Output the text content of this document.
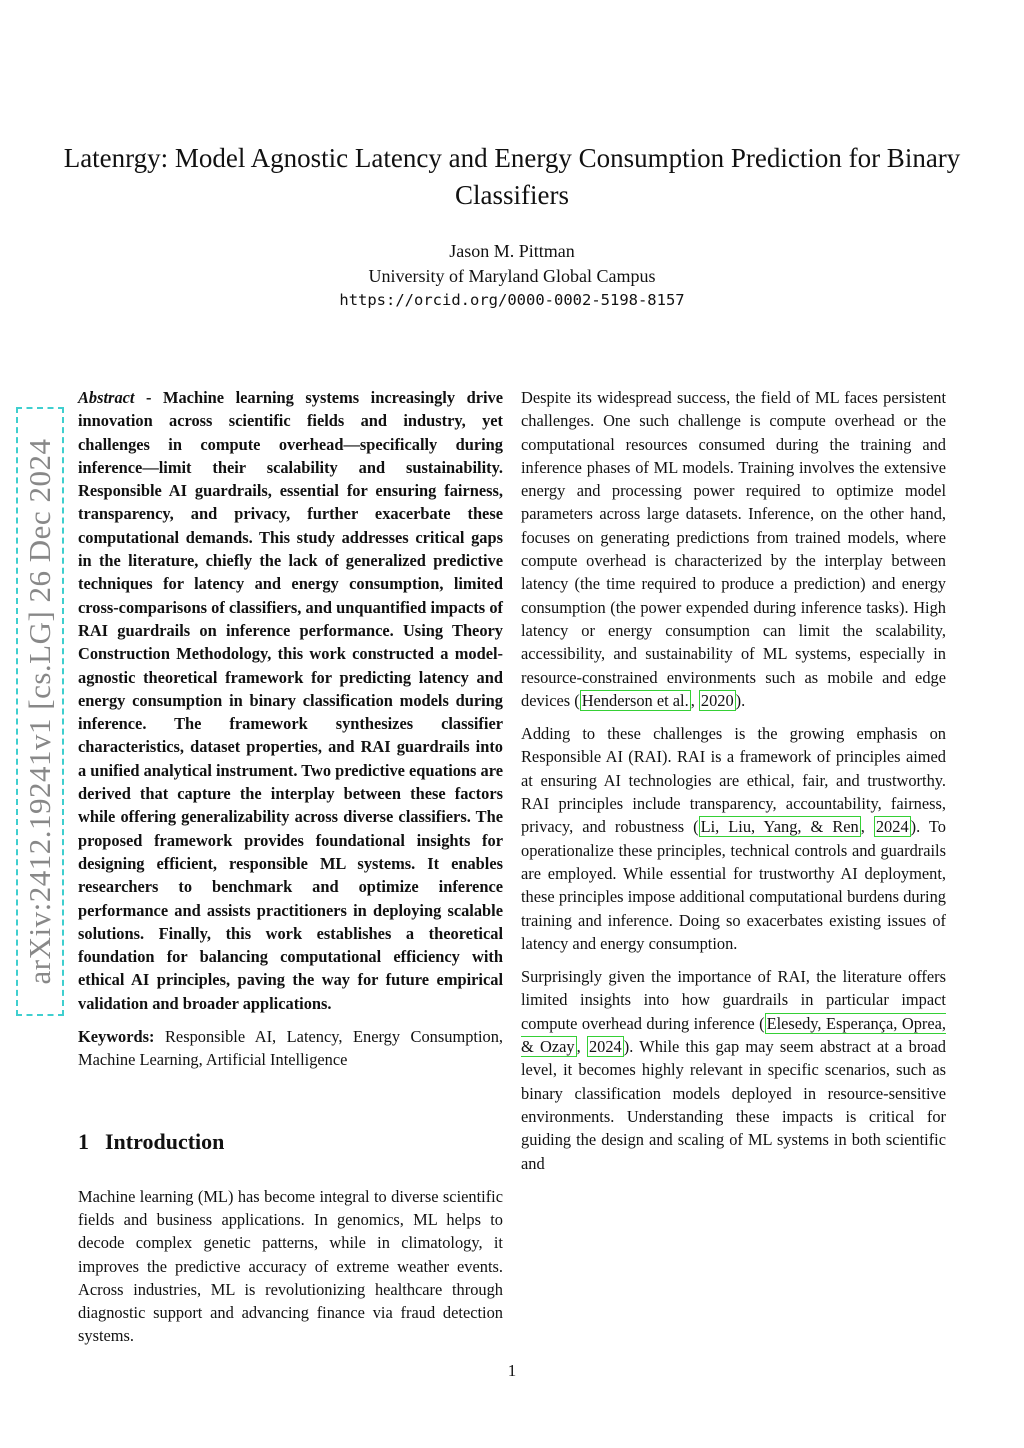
Latenrgy: Model Agnostic Latency and Energy Consumption Prediction for Binary Classifiers
Jason M. Pittman
University of Maryland Global Campus
https://orcid.org/0000-0002-5198-8157
arXiv:2412.19241v1 [cs.LG] 26 Dec 2024

Abstract - Machine learning systems increasingly drive innovation across scientific fields and industry, yet challenges in compute overhead—specifically during inference—limit their scalability and sustainability. Responsible AI guardrails, essential for ensuring fairness, transparency, and privacy, further exacerbate these computational demands. This study addresses critical gaps in the literature, chiefly the lack of generalized predictive techniques for latency and energy consumption, limited cross-comparisons of classifiers, and unquantified impacts of RAI guardrails on inference performance. Using Theory Construction Methodology, this work constructed a model-agnostic theoretical framework for predicting latency and energy consumption in binary classification models during inference. The framework synthesizes classifier characteristics, dataset properties, and RAI guardrails into a unified analytical instrument. Two predictive equations are derived that capture the interplay between these factors while offering generalizability across diverse classifiers. The proposed framework provides foundational insights for designing efficient, responsible ML systems. It enables researchers to benchmark and optimize inference performance and assists practitioners in deploying scalable solutions. Finally, this work establishes a theoretical foundation for balancing computational efficiency with ethical AI principles, paving the way for future empirical validation and broader applications.

Keywords: Responsible AI, Latency, Energy Consumption, Machine Learning, Artificial Intelligence

1 Introduction

Machine learning (ML) has become integral to diverse scientific fields and business applications. In genomics, ML helps to decode complex genetic patterns, while in climatology, it improves the predictive accuracy of extreme weather events. Across industries, ML is revolutionizing healthcare through diagnostic support and advancing finance via fraud detection systems.

Despite its widespread success, the field of ML faces persistent challenges. One such challenge is compute overhead or the computational resources consumed during the training and inference phases of ML models. Training involves the extensive energy and processing power required to optimize model parameters across large datasets. Inference, on the other hand, focuses on generating predictions from trained models, where compute overhead is characterized by the interplay between latency (the time required to produce a prediction) and energy consumption (the power expended during inference tasks). High latency or energy consumption can limit the scalability, accessibility, and sustainability of ML systems, especially in resource-constrained environments such as mobile and edge devices ( Henderson et al. , 2020 ).

Adding to these challenges is the growing emphasis on Responsible AI (RAI). RAI is a framework of principles aimed at ensuring AI technologies are ethical, fair, and trustworthy. RAI principles include transparency, accountability, fairness, privacy, and robustness ( Li, Liu, Yang, & Ren , 2024 ). To operationalize these principles, technical controls and guardrails are employed. While essential for trustworthy AI deployment, these principles impose additional computational burdens during training and inference. Doing so exacerbates existing issues of latency and energy consumption.

Surprisingly given the importance of RAI, the literature offers limited insights into how guardrails in particular impact compute overhead during inference ( Elesedy, Esperança, Oprea, & Ozay , 2024 ). While this gap may seem abstract at a broad level, it becomes highly relevant in specific scenarios, such as binary classification models deployed in resource-sensitive environments. Understanding these impacts is critical for guiding the design and scaling of ML systems in both scientific and

1
